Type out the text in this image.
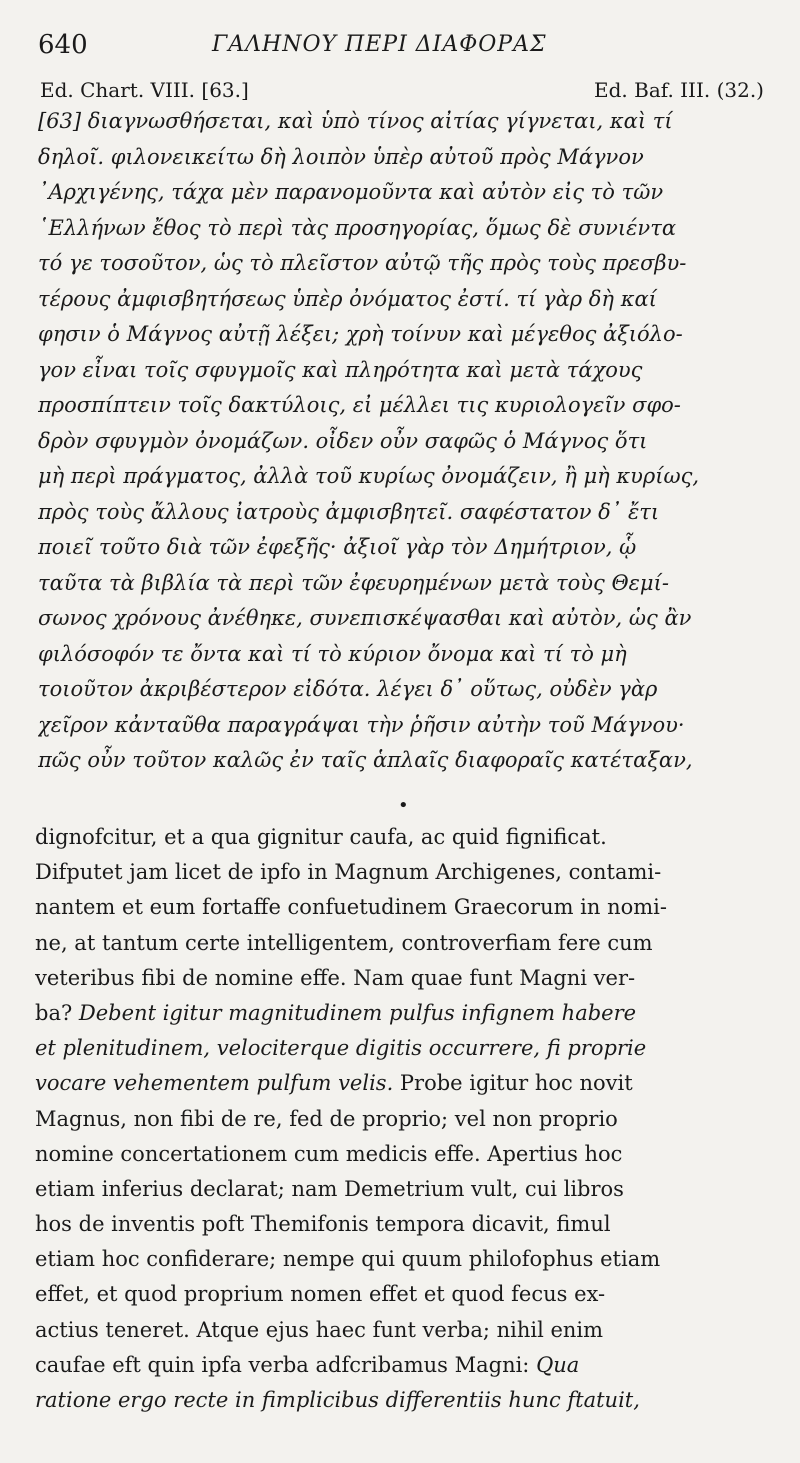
640	ΓΑΛΗΝΟΥ ΠΕΡΙ ΔΙΑΦΟΡΑΣ
Ed. Chart. VIII. [63.]	Ed. Baf. III. (32.)
[63] διαγνωσθήσεται, καὶ ὑπὸ τίνος αἰτίας γίγνεται, καὶ τί
δηλοῖ. φιλονεικείτω δὴ λοιπὸν ὑπὲρ αὐτοῦ πρὸς Μάγνον
᾿Αρχιγένης, τάχα μὲν παρανομοῦντα καὶ αὐτὸν εἰς τὸ τῶν
῾Ελλήνων ἔθος τὸ περὶ τὰς προσηγορίας, ὅμως δὲ συνιέντα
τό γε τοσοῦτον, ὡς τὸ πλεῖστον αὐτῷ τῆς πρὸς τοὺς πρεσβυ-
τέρους ἀμφισβητήσεως ὑπὲρ ὀνόματος ἐστί. τί γὰρ δὴ καί
φησιν ὁ Μάγνος αὐτῇ λέξει; χρὴ τοίνυν καὶ μέγεθος ἀξιόλο-
γον εἶναι τοῖς σφυγμοῖς καὶ πληρότητα καὶ μετὰ τάχους
προσπίπτειν τοῖς δακτύλοις, εἰ μέλλει τις κυριολογεῖν σφο-
δρὸν σφυγμὸν ὀνομάζων. οἶδεν οὖν σαφῶς ὁ Μάγνος ὅτι
μὴ περὶ πράγματος, ἀλλὰ τοῦ κυρίως ὀνομάζειν, ἢ μὴ κυρίως,
πρὸς τοὺς ἄλλους ἰατροὺς ἀμφισβητεῖ. σαφέστατον δ᾿ ἔτι
ποιεῖ τοῦτο διὰ τῶν ἐφεξῆς· ἀξιοῖ γὰρ τὸν Δημήτριον, ᾧ
ταῦτα τὰ βιβλία τὰ περὶ τῶν ἐφευρημένων μετὰ τοὺς Θεμί-
σωνος χρόνους ἀνέθηκε, συνεπισκέψασθαι καὶ αὐτὸν, ὡς ἂν
φιλόσοφόν τε ὄντα καὶ τί τὸ κύριον ὄνομα καὶ τί τὸ μὴ
τοιοῦτον ἀκριβέστερον εἰδότα. λέγει δ᾿ οὕτως, οὐδὲν γὰρ
χεῖρον κἀνταῦθα παραγράψαι τὴν ῥῆσιν αὐτὴν τοῦ Μάγνου·
πῶς οὖν τοῦτον καλῶς ἐν ταῖς ἁπλαῖς διαφοραῖς κατέταξαν,
•
dignofcitur, et a qua gignitur caufa, ac quid fignificat.
Difputet jam licet de ipfo in Magnum Archigenes, contami-
nantem et eum fortaffe confuetudinem Graecorum in nomi-
ne, at tantum certe intelligentem, controverfiam fere cum
veteribus fibi de nomine effe. Nam quae funt Magni ver-
ba? Debent igitur magnitudinem pulfus infignem habere
et plenitudinem, velociterque digitis occurrere, fi proprie
vocare vehementem pulfum velis. Probe igitur hoc novit
Magnus, non fibi de re, fed de proprio; vel non proprio
nomine concertationem cum medicis effe. Apertius hoc
etiam inferius declarat; nam Demetrium vult, cui libros
hos de inventis poft Themifonis tempora dicavit, fimul
etiam hoc confiderare; nempe qui quum philofophus etiam
effet, et quod proprium nomen effet et quod fecus ex-
actius teneret. Atque ejus haec funt verba; nihil enim
caufae eft quin ipfa verba adfcribamus Magni: Qua
ratione ergo recte in fimplicibus differentiis hunc ftatuit,
